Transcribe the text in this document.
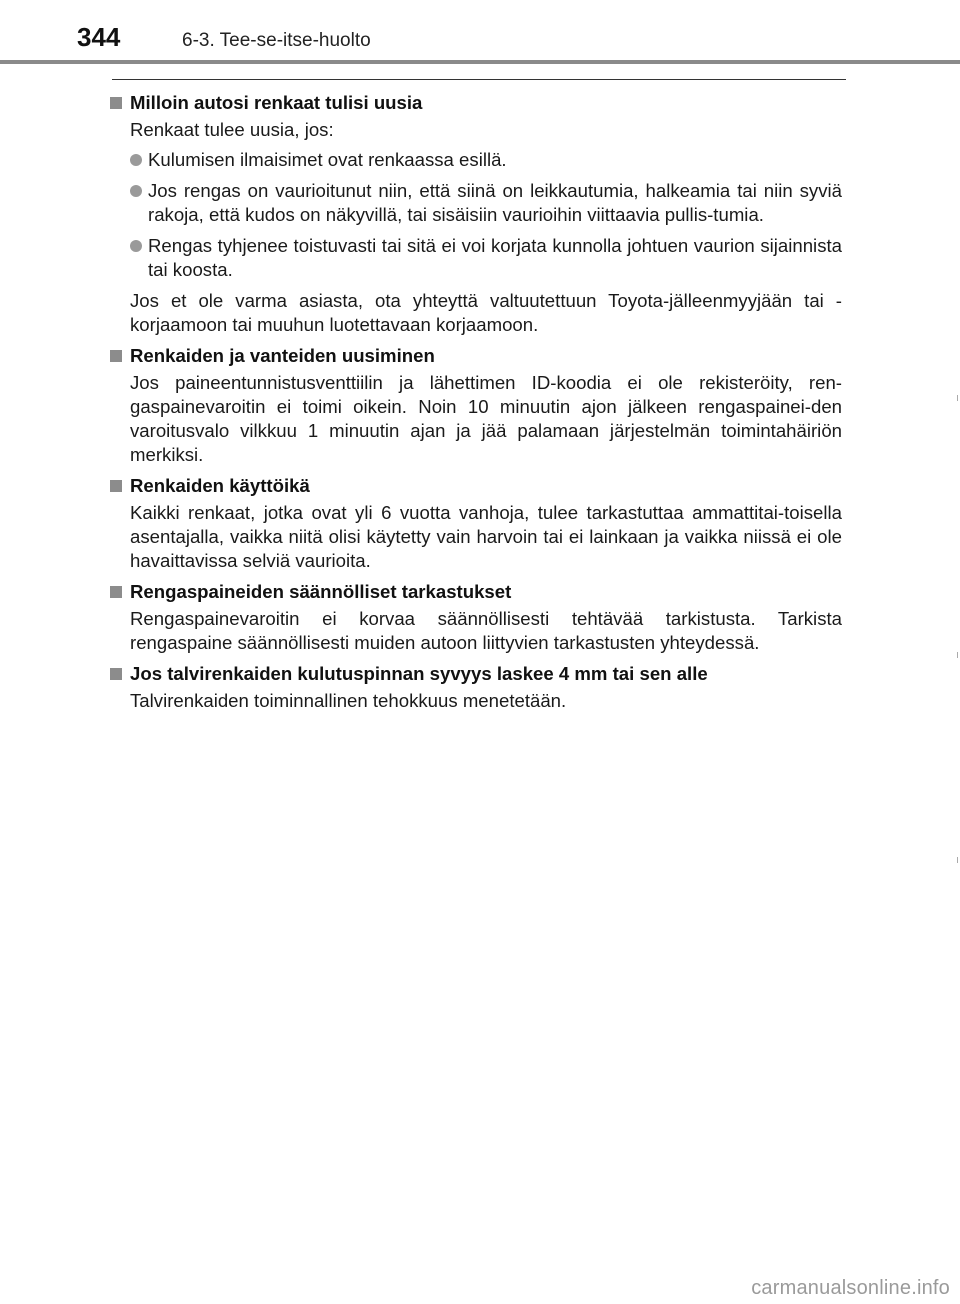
344	6-3. Tee-se-itse-huolto
Milloin autosi renkaat tulisi uusia

Renkaat tulee uusia, jos:

Kulumisen ilmaisimet ovat renkaassa esillä.
Jos rengas on vaurioitunut niin, että siinä on leikkautumia, halkeamia tai niin syviä rakoja, että kudos on näkyvillä, tai sisäisiin vaurioihin viittaavia pullis-tumia.
Rengas tyhjenee toistuvasti tai sitä ei voi korjata kunnolla johtuen vaurion sijainnista tai koosta.

Jos et ole varma asiasta, ota yhteyttä valtuutettuun Toyota-jälleenmyyjään tai -korjaamoon tai muuhun luotettavaan korjaamoon.

Renkaiden ja vanteiden uusiminen

Jos paineentunnistusventtiilin ja lähettimen ID-koodia ei ole rekisteröity, ren-gaspainevaroitin ei toimi oikein. Noin 10 minuutin ajon jälkeen rengaspainei-den varoitusvalo vilkkuu 1 minuutin ajan ja jää palamaan järjestelmän toimintahäiriön merkiksi.

Renkaiden käyttöikä

Kaikki renkaat, jotka ovat yli 6 vuotta vanhoja, tulee tarkastuttaa ammattitai-toisella asentajalla, vaikka niitä olisi käytetty vain harvoin tai ei lainkaan ja vaikka niissä ei ole havaittavissa selviä vaurioita.

Rengaspaineiden säännölliset tarkastukset

Rengaspainevaroitin ei korvaa säännöllisesti tehtävää tarkistusta. Tarkista rengaspaine säännöllisesti muiden autoon liittyvien tarkastusten yhteydessä.

Jos talvirenkaiden kulutuspinnan syvyys laskee 4 mm tai sen alle

Talvirenkaiden toiminnallinen tehokkuus menetetään.

carmanualsonline.info
